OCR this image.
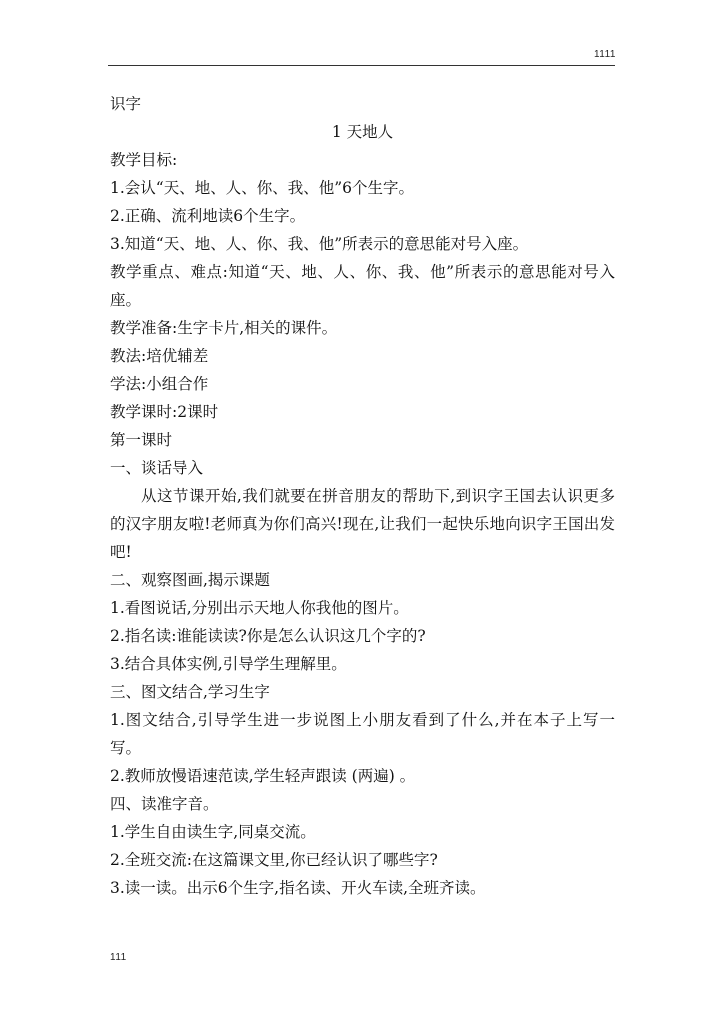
1111
识字
1 天地人
教学目标:
1.会认“天、地、人、你、我、他”6个生字。
2.正确、流利地读6个生字。
3.知道“天、地、人、你、我、他”所表示的意思能对号入座。
教学重点、难点:知道“天、地、人、你、我、他”所表示的意思能对号入座。
教学准备:生字卡片,相关的课件。
教法:培优辅差
学法:小组合作
教学课时:2课时
第一课时
一、谈话导入
从这节课开始,我们就要在拼音朋友的帮助下,到识字王国去认识更多的汉字朋友啦!老师真为你们高兴!现在,让我们一起快乐地向识字王国出发吧!
二、观察图画,揭示课题
1.看图说话,分别出示天地人你我他的图片。
2.指名读:谁能读读?你是怎么认识这几个字的?
3.结合具体实例,引导学生理解里。
三、图文结合,学习生字
1.图文结合,引导学生进一步说图上小朋友看到了什么,并在本子上写一写。
2.教师放慢语速范读,学生轻声跟读 (两遍) 。
四、读准字音。
1.学生自由读生字,同桌交流。
2.全班交流:在这篇课文里,你已经认识了哪些字?
3.读一读。出示6个生字,指名读、开火车读,全班齐读。
111
